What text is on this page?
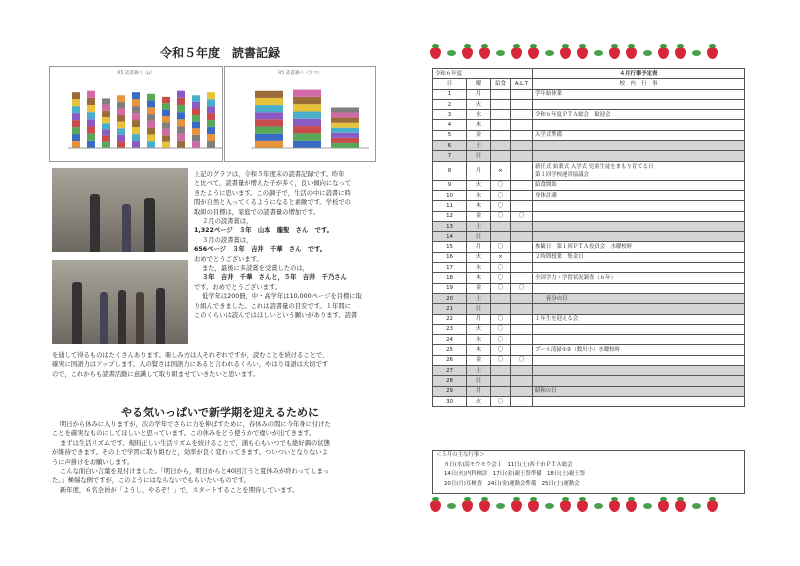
令和５年度　読書記録
R5 読書調べ（p）	R5 読書調べ（さつ）
上記のグラフは，令和５年度末の読書記録です。昨年
と比べて，読書量が増えた子が多く，良い傾向になって
きたように思います。この調子で，生活の中に読書に時
間が自然と入ってくるようになると素敵です。学校での
取組の目標は，家庭での読書量の増加です。
２月の読書賞は，
1,322ページ　３年　山本　龍聖　さん　です。
３月の読書賞は，
656ページ　３年　吉井　千華　さん　です。
おめでとうございます。
また，最後に多読賞を受賞したのは，
３年　吉井　千華　さんと，５年　吉井　千乃さん
です。おめでとうございます。
低学年は200冊，中・高学年は10,000ページを目標に取
り組んできました。これは読書量の目安です。１年間に
このくらいは読んではほしいという願いがあります。読書
を通して得るものはたくさんあります。楽しみ方は人それぞれですが，読むことを続けることで，
確実に国語力はアップします。人の賢さは国語力にあると言われるくらい，やはり母語は大切です
ので，これからも読書活動に意識して取り組ませていきたいと思います。
やる気いっぱいで新学期を迎えるために
明日から休みに入りますが，次の学年でさらに力を伸ばすために，春休みの間に今年身に付けた
ことを確実なものにしてほしいと思っています。この休みをどう使うかで違いが出てきます。
まずは生活リズムです。規則正しい生活リズムを続けることで，頭も心もいつでも絶好調の状態
が維持できます。その上で学習に取り組むと，効率が良く変わってきます。ついついとなりないよ
うに声掛けをお願いします。
こんな面白い言葉を見付けました。「明日から，明日からと40回言うと夏休みが終わってしまっ
た。」極端な例ですが，このようにはならないでもらいたいものです。
新年度，６名全員が「ようし，やるぞ！」で，スタートすることを期待しています。
令和６年度				４月行事予定表
日	曜	給食	A.L.T	校　内　行　事
1	月			学年始休業
2	火			
3	水			令和６年度ＰＴＡ総会　歓迎会
4	木			
5	金			入学式準備
6	土			
7	日			
8	月	×		新任式 始業式 入学式 児童生徒をまもり育てる日
第１回学校運営協議会

9	火	〇		給食開始
10	水	〇		身体計測
11	木	〇		
12	金	〇	〇	
13	土			
14	日			
15	月	〇		参観日　第１回ＰＴＡ役員会　水曜校時
16	火	×		２時間授業　集金日
17	水	〇		
18	木	〇		全国学力・学習状況調査（６年）
19	金	〇	〇	
20	土			　　春分の日
21	日			
22	月	〇		１年生を迎える会
23	火	〇		
24	水	〇		
25	木	〇		プール清掃①②（数川小）水曜校時
26	金	〇	〇	
27	土			
28	日			
29	月			昭和の日
30	火	〇		
＜５月の主な行事＞
８日(水)読モウモウ会１　11日(土)西千市ＰＴＡ総会
14日(火)内科検診　17日(金)親王祭準備　18日(土)親王祭
20日(月)耳検査　24日(金)運動会準備　25日(土)運動会
